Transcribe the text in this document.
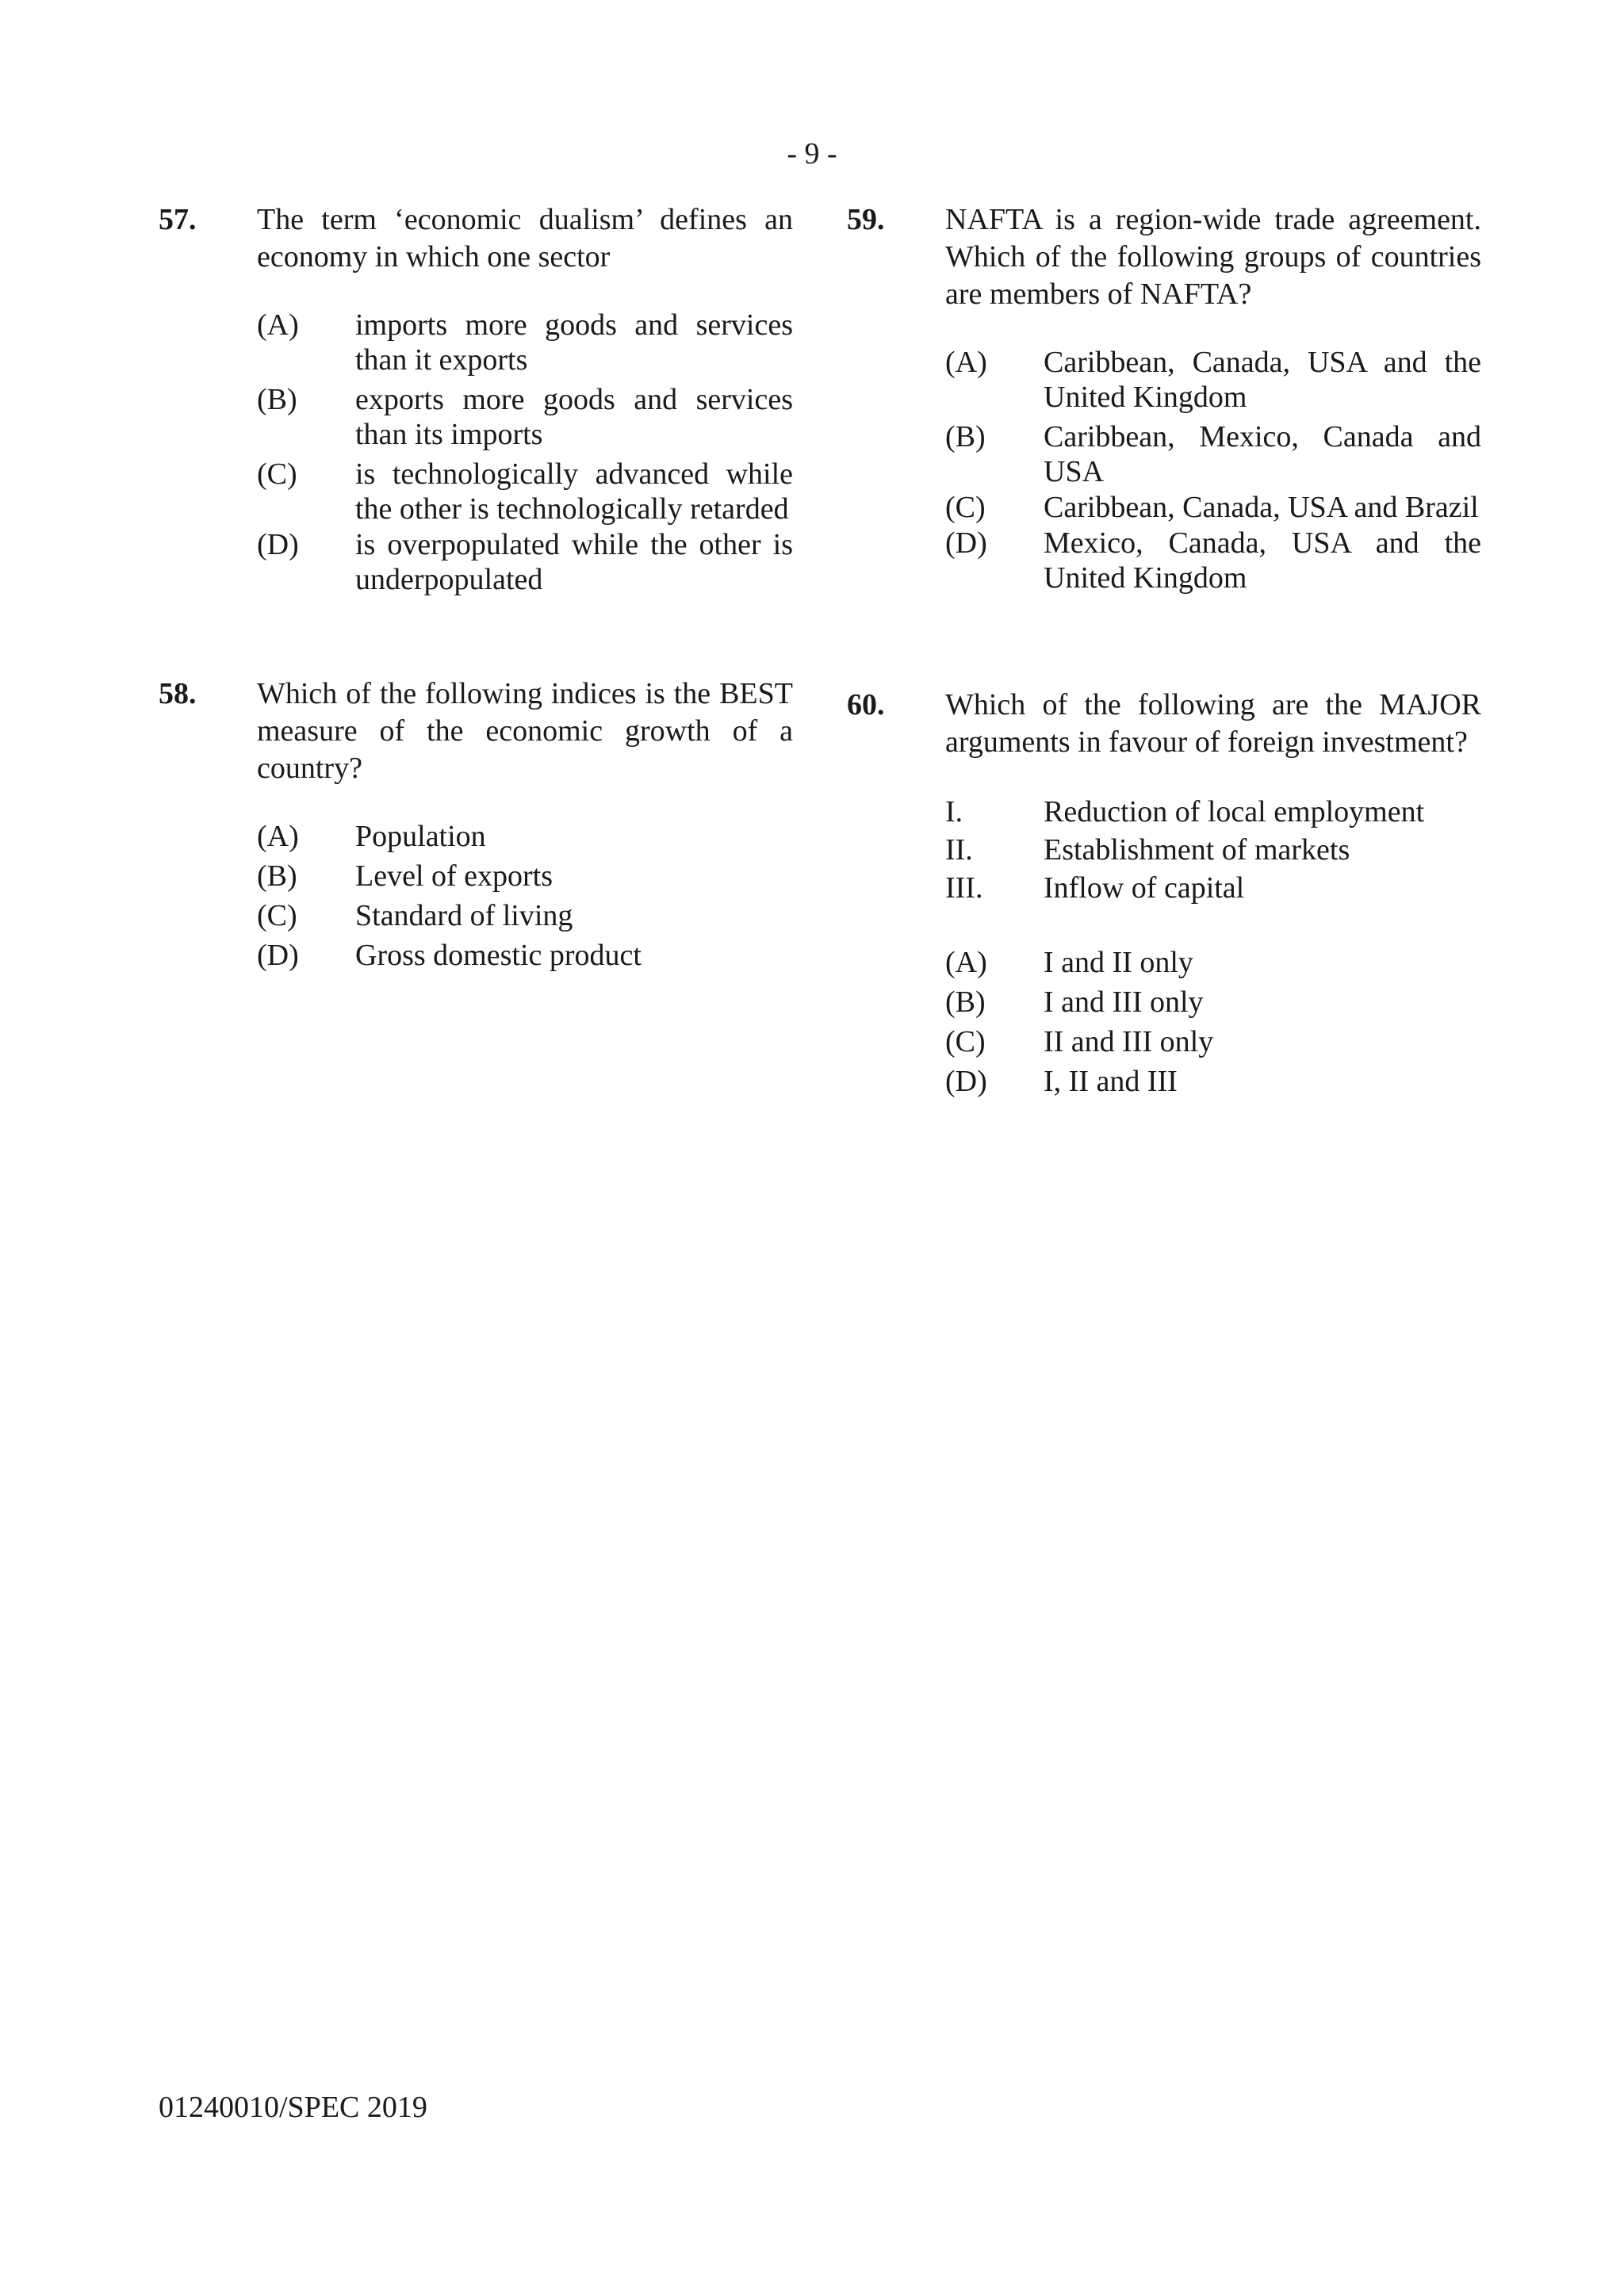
- 9 -
57. The term ‘economic dualism’ defines an economy in which one sector
(A)	imports more goods and services than it exports
(B)	exports more goods and services than its imports
(C)	is technologically advanced while the other is technologically retarded
(D)	is overpopulated while the other is underpopulated
58. Which of the following indices is the BEST measure of the economic growth of a country?
(A)	Population
(B)	Level of exports
(C)	Standard of living
(D)	Gross domestic product
59. NAFTA is a region-wide trade agreement. Which of the following groups of countries are members of NAFTA?
(A)	Caribbean, Canada, USA and the United Kingdom
(B)	Caribbean, Mexico, Canada and USA
(C)	Caribbean, Canada, USA and Brazil
(D)	Mexico, Canada, USA and the United Kingdom
60. Which of the following are the MAJOR arguments in favour of foreign investment?
I.	Reduction of local employment
II.	Establishment of markets
III.	Inflow of capital
(A)	I and II only
(B)	I and III only
(C)	II and III only
(D)	I, II and III
01240010/SPEC 2019
